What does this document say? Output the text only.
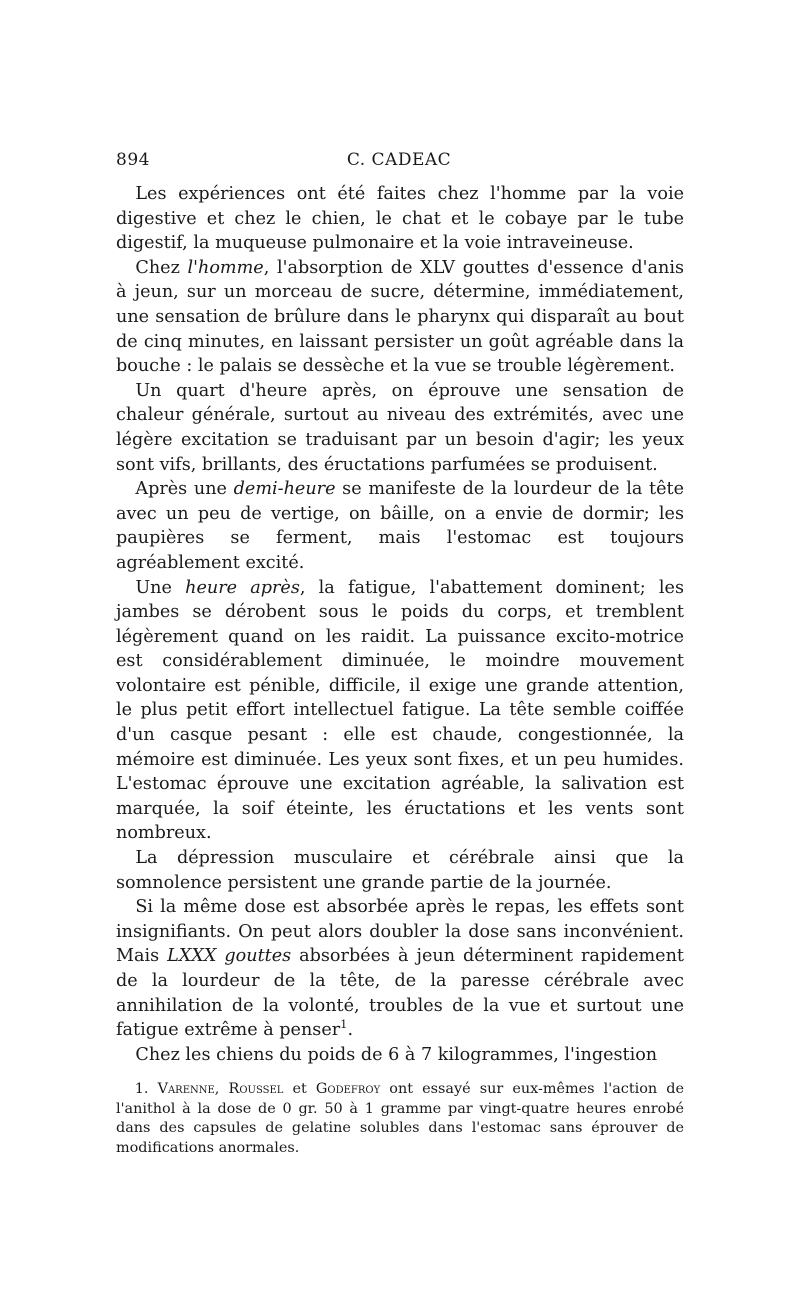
894	C. CADEAC

Les expériences ont été faites chez l'homme par la voie digestive et chez le chien, le chat et le cobaye par le tube digestif, la muqueuse pulmonaire et la voie intraveineuse.

Chez l'homme, l'absorption de XLV gouttes d'essence d'anis à jeun, sur un morceau de sucre, détermine, immédiatement, une sensation de brûlure dans le pharynx qui disparaît au bout de cinq minutes, en laissant persister un goût agréable dans la bouche : le palais se dessèche et la vue se trouble légèrement.

Un quart d'heure après, on éprouve une sensation de chaleur générale, surtout au niveau des extrémités, avec une légère excitation se traduisant par un besoin d'agir; les yeux sont vifs, brillants, des éructations parfumées se produisent.

Après une demi-heure se manifeste de la lourdeur de la tête avec un peu de vertige, on bâille, on a envie de dormir; les paupières se ferment, mais l'estomac est toujours agréablement excité.

Une heure après, la fatigue, l'abattement dominent; les jambes se dérobent sous le poids du corps, et tremblent légèrement quand on les raidit. La puissance excito-motrice est considérablement diminuée, le moindre mouvement volontaire est pénible, difficile, il exige une grande attention, le plus petit effort intellectuel fatigue. La tête semble coiffée d'un casque pesant : elle est chaude, congestionnée, la mémoire est diminuée. Les yeux sont fixes, et un peu humides. L'estomac éprouve une excitation agréable, la salivation est marquée, la soif éteinte, les éructations et les vents sont nombreux.

La dépression musculaire et cérébrale ainsi que la somnolence persistent une grande partie de la journée.

Si la même dose est absorbée après le repas, les effets sont insignifiants. On peut alors doubler la dose sans inconvénient. Mais LXXX gouttes absorbées à jeun déterminent rapidement de la lourdeur de la tête, de la paresse cérébrale avec annihilation de la volonté, troubles de la vue et surtout une fatigue extrême à penser$^1$.

Chez les chiens du poids de 6 à 7 kilogrammes, l'ingestion

1. Varenne, Roussel et Godefroy ont essayé sur eux-mêmes l'action de l'anithol à la dose de 0 gr. 50 à 1 gramme par vingt-quatre heures enrobé dans des capsules de gelatine solubles dans l'estomac sans éprouver de modifications anormales.
